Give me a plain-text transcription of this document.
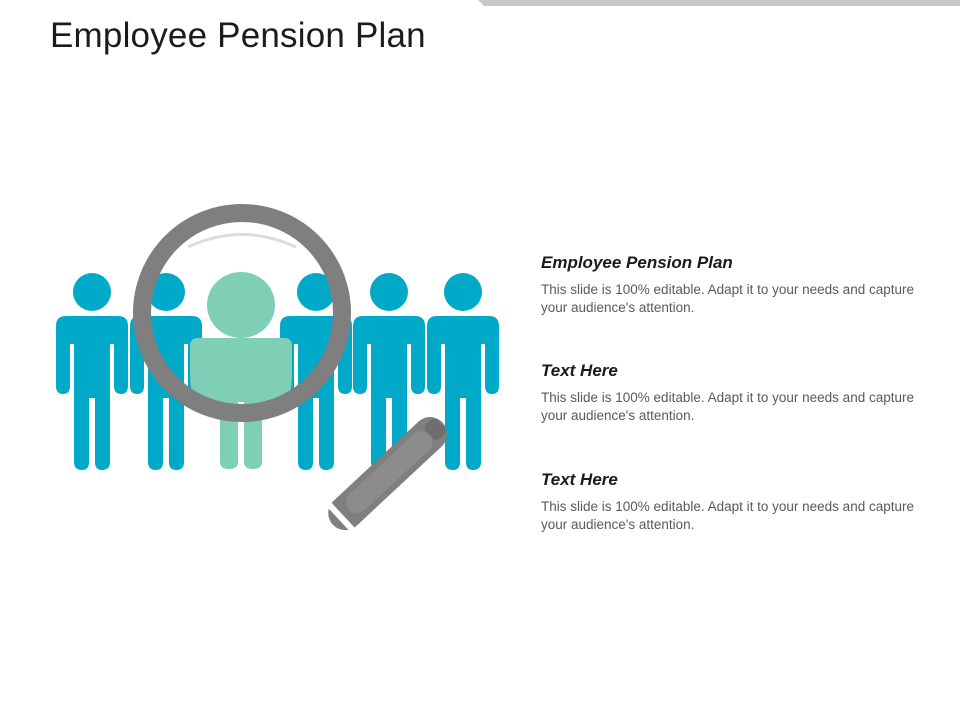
Employee Pension Plan

Employee Pension Plan

This slide is 100% editable. Adapt it to your needs and capture your audience's attention.

Text Here

This slide is 100% editable. Adapt it to your needs and capture your audience's attention.

Text Here

This slide is 100% editable. Adapt it to your needs and capture your audience's attention.
